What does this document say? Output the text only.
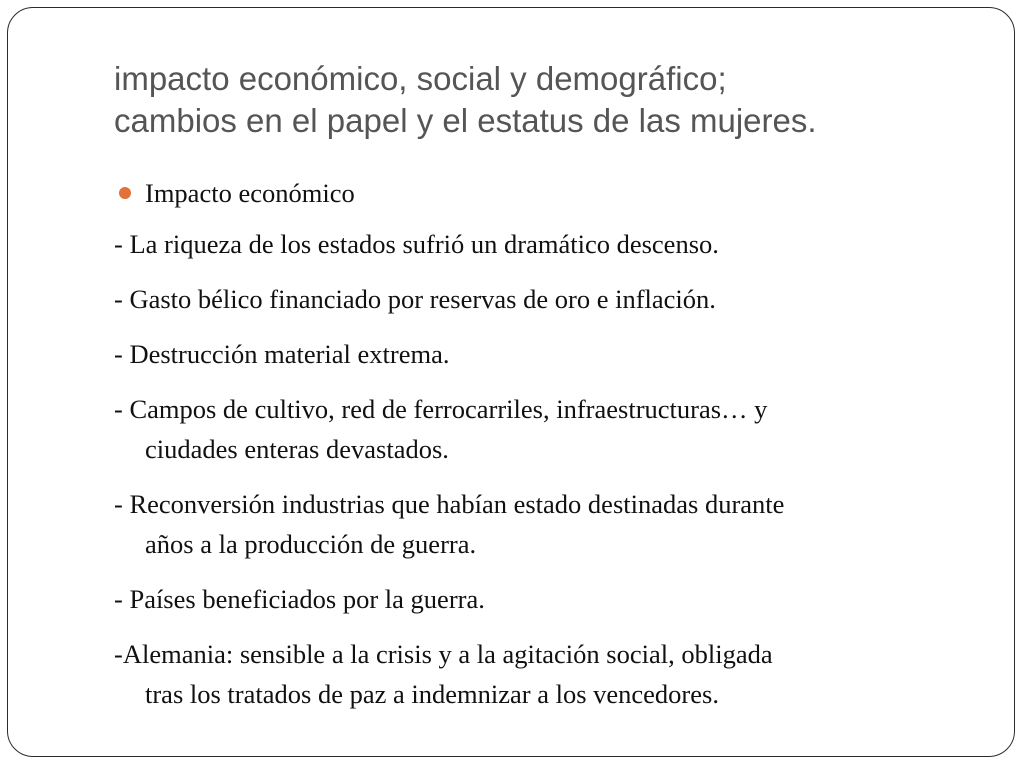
impacto económico, social y demográfico;
cambios en el papel y el estatus de las mujeres.
Impacto económico
- La riqueza de los estados sufrió un dramático descenso.
- Gasto bélico financiado por reservas de oro e inflación.
- Destrucción material extrema.
- Campos de cultivo, red de ferrocarriles, infraestructuras… y
ciudades enteras devastados.
- Reconversión industrias que habían estado destinadas durante
años a la producción de guerra.
- Países beneficiados por la guerra.
-Alemania: sensible a la crisis y a la agitación social, obligada
tras los tratados de paz a indemnizar a los vencedores.
